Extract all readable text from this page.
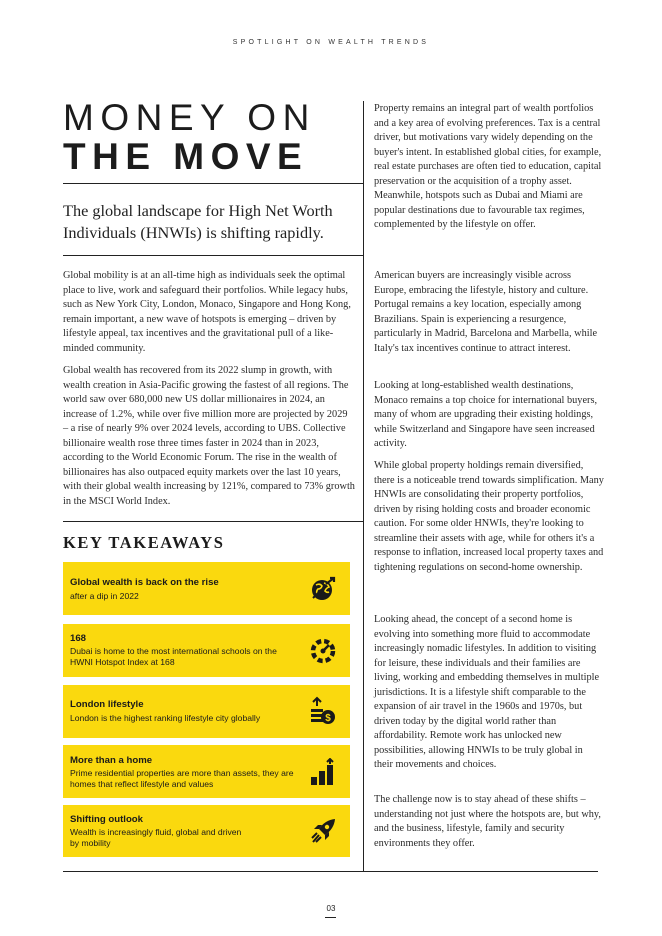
SPOTLIGHT ON WEALTH TRENDS
MONEY ON
THE MOVE
The global landscape for High Net Worth Individuals (HNWIs) is shifting rapidly.

Global mobility is at an all-time high as individuals seek the optimal place to live, work and safeguard their portfolios. While legacy hubs, such as New York City, London, Monaco, Singapore and Hong Kong, remain important, a new wave of hotspots is emerging – driven by lifestyle appeal, tax incentives and the gravitational pull of a like-minded community.

Global wealth has recovered from its 2022 slump in growth, with wealth creation in Asia-Pacific growing the fastest of all regions. The world saw over 680,000 new US dollar millionaires in 2024, an increase of 1.2%, while over five million more are projected by 2029 – a rise of nearly 9% over 2024 levels, according to UBS. Collective billionaire wealth rose three times faster in 2024 than in 2023, according to the World Economic Forum. The rise in the wealth of billionaires has also outpaced equity markets over the last 10 years, with their global wealth increasing by 121%, compared to 73% growth in the MSCI World Index.

KEY TAKEAWAYS
Global wealth is back on the rise
after a dip in 2022
168
Dubai is home to the most international schools on the HWNI Hotspot Index at 168
London lifestyle
London is the highest ranking lifestyle city globally	$
More than a home
Prime residential properties are more than assets, they are homes that reflect lifestyle and values
Shifting outlook
Wealth is increasingly fluid, global and driven by mobility

Property remains an integral part of wealth portfolios and a key area of evolving preferences. Tax is a central driver, but motivations vary widely depending on the buyer's intent. In established global cities, for example, real estate purchases are often tied to education, capital preservation or the acquisition of a trophy asset. Meanwhile, hotspots such as Dubai and Miami are popular destinations due to favourable tax regimes, complemented by the lifestyle on offer.

American buyers are increasingly visible across Europe, embracing the lifestyle, history and culture. Portugal remains a key location, especially among Brazilians. Spain is experiencing a resurgence, particularly in Madrid, Barcelona and Marbella, while Italy's tax incentives continue to attract interest.

Looking at long-established wealth destinations, Monaco remains a top choice for international buyers, many of whom are upgrading their existing holdings, while Switzerland and Singapore have seen increased activity.

While global property holdings remain diversified, there is a noticeable trend towards simplification. Many HNWIs are consolidating their property portfolios, driven by rising holding costs and broader economic caution. For some older HNWIs, they're looking to streamline their assets with age, while for others it's a response to inflation, increased local property taxes and tightening regulations on second-home ownership.

Looking ahead, the concept of a second home is evolving into something more fluid to accommodate increasingly nomadic lifestyles. In addition to visiting for leisure, these individuals and their families are living, working and embedding themselves in multiple jurisdictions. It is a lifestyle shift comparable to the expansion of air travel in the 1960s and 1970s, but driven today by the digital world rather than affordability. Remote work has unlocked new possibilities, allowing HNWIs to be truly global in their movements and choices.

The challenge now is to stay ahead of these shifts – understanding not just where the hotspots are, but why, and the business, lifestyle, family and security environments they offer.

03
